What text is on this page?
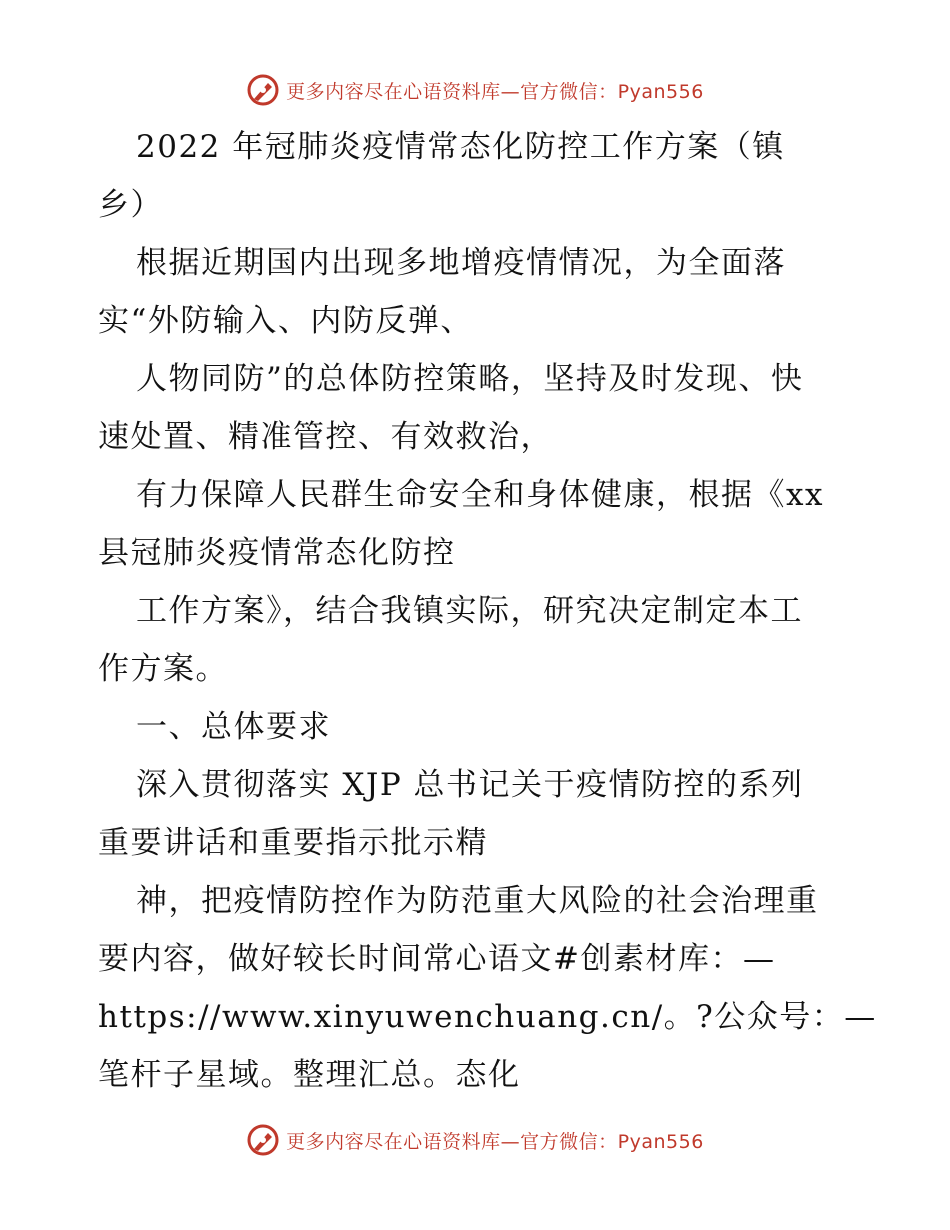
更多内容尽在心语资料库—官方微信：Pyan556

2022 年冠肺炎疫情常态化防控工作方案（镇
乡）

根据近期国内出现多地增疫情情况，为全面落
实“外防输入、内防反弹、

人物同防”的总体防控策略，坚持及时发现、快
速处置、精准管控、有效救治，

有力保障人民群生命安全和身体健康，根据《xx
县冠肺炎疫情常态化防控

工作方案》，结合我镇实际，研究决定制定本工
作方案。

一、总体要求

深入贯彻落实 XJP 总书记关于疫情防控的系列
重要讲话和重要指示批示精

神，把疫情防控作为防范重大风险的社会治理重
要内容，做好较长时间常心语文#创素材库：—
https://www.xinyuwenchuang.cn/。?公众号：—
笔杆子星域。整理汇总。态化

更多内容尽在心语资料库—官方微信：Pyan556
